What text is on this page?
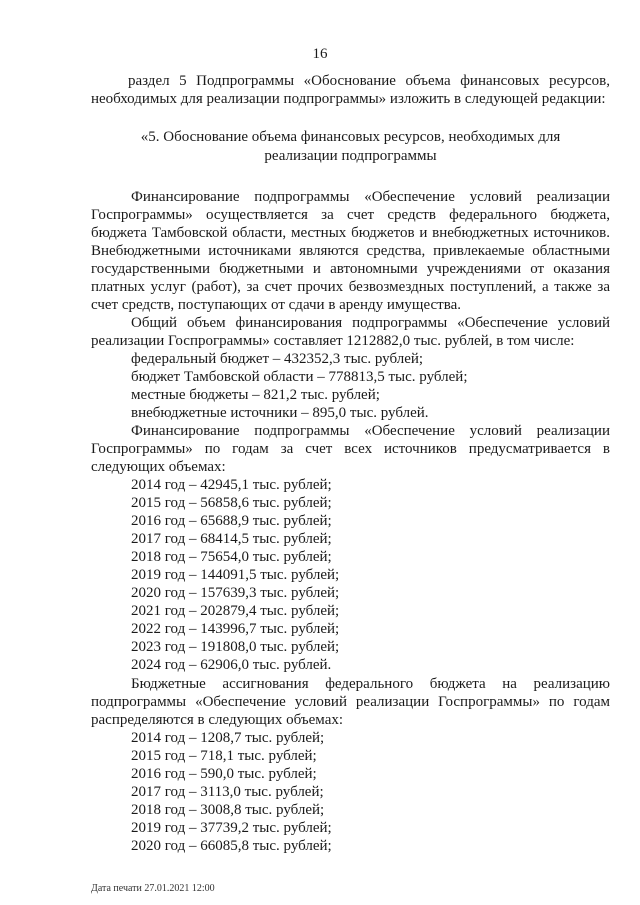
16

раздел 5 Подпрограммы «Обоснование объема финансовых ресурсов, необходимых для реализации подпрограммы» изложить в следующей редакции:

«5. Обоснование объема финансовых ресурсов, необходимых для реализации подпрограммы

Финансирование подпрограммы «Обеспечение условий реализации Госпрограммы» осуществляется за счет средств федерального бюджета, бюджета Тамбовской области, местных бюджетов и внебюджетных источников. Внебюджетными источниками являются средства, привлекаемые областными государственными бюджетными и автономными учреждениями от оказания платных услуг (работ), за счет прочих безвозмездных поступлений, а также за счет средств, поступающих от сдачи в аренду имущества.

Общий объем финансирования подпрограммы «Обеспечение условий реализации Госпрограммы» составляет 1212882,0 тыс. рублей, в том числе:

федеральный бюджет – 432352,3 тыс. рублей;

бюджет Тамбовской области – 778813,5 тыс. рублей;

местные бюджеты – 821,2 тыс. рублей;

внебюджетные источники – 895,0 тыс. рублей.

Финансирование подпрограммы «Обеспечение условий реализации Госпрограммы» по годам за счет всех источников предусматривается в следующих объемах:

2014 год – 42945,1 тыс. рублей;

2015 год – 56858,6 тыс. рублей;

2016 год – 65688,9 тыс. рублей;

2017 год – 68414,5 тыс. рублей;

2018 год – 75654,0 тыс. рублей;

2019 год – 144091,5 тыс. рублей;

2020 год – 157639,3 тыс. рублей;

2021 год – 202879,4 тыс. рублей;

2022 год – 143996,7 тыс. рублей;

2023 год – 191808,0 тыс. рублей;

2024 год – 62906,0 тыс. рублей.

Бюджетные ассигнования федерального бюджета на реализацию подпрограммы «Обеспечение условий реализации Госпрограммы» по годам распределяются в следующих объемах:

2014 год – 1208,7 тыс. рублей;

2015 год – 718,1 тыс. рублей;

2016 год – 590,0 тыс. рублей;

2017 год – 3113,0 тыс. рублей;

2018 год – 3008,8 тыс. рублей;

2019 год – 37739,2 тыс. рублей;

2020 год – 66085,8 тыс. рублей;

Дата печати 27.01.2021 12:00
